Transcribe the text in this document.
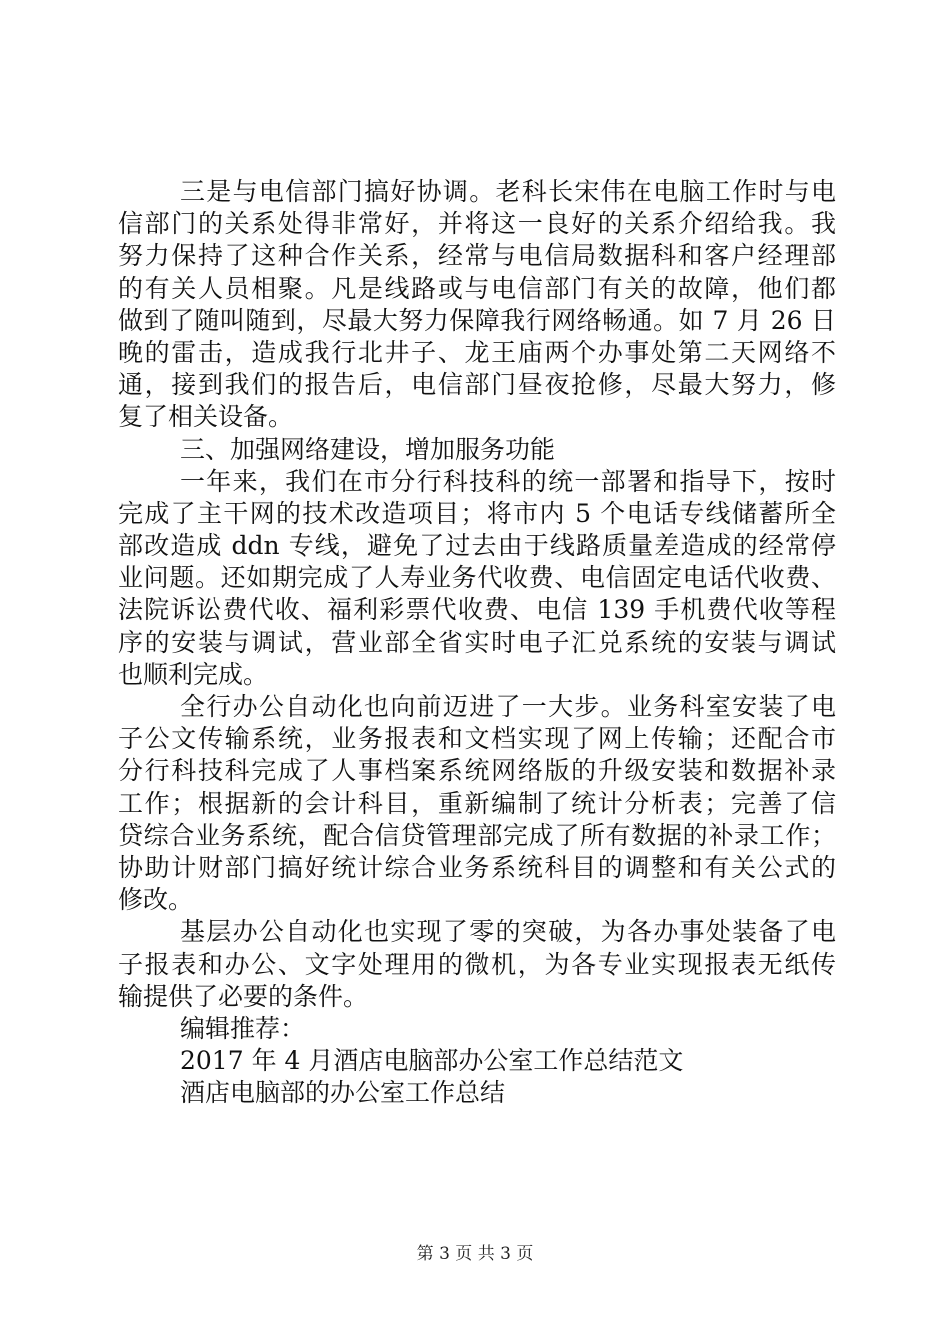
三是与电信部门搞好协调。老科长宋伟在电脑工作时与电
信部门的关系处得非常好，并将这一良好的关系介绍给我。我
努力保持了这种合作关系，经常与电信局数据科和客户经理部
的有关人员相聚。凡是线路或与电信部门有关的故障，他们都
做到了随叫随到，尽最大努力保障我行网络畅通。如 7 月 26 日
晚的雷击，造成我行北井子、龙王庙两个办事处第二天网络不
通，接到我们的报告后，电信部门昼夜抢修，尽最大努力，修
复了相关设备。
三、加强网络建设，增加服务功能
一年来，我们在市分行科技科的统一部署和指导下，按时
完成了主干网的技术改造项目；将市内 5 个电话专线储蓄所全
部改造成 ddn 专线，避免了过去由于线路质量差造成的经常停
业问题。还如期完成了人寿业务代收费、电信固定电话代收费、
法院诉讼费代收、福利彩票代收费、电信 139 手机费代收等程
序的安装与调试，营业部全省实时电子汇兑系统的安装与调试
也顺利完成。
全行办公自动化也向前迈进了一大步。业务科室安装了电
子公文传输系统，业务报表和文档实现了网上传输；还配合市
分行科技科完成了人事档案系统网络版的升级安装和数据补录
工作；根据新的会计科目，重新编制了统计分析表；完善了信
贷综合业务系统，配合信贷管理部完成了所有数据的补录工作；
协助计财部门搞好统计综合业务系统科目的调整和有关公式的
修改。
基层办公自动化也实现了零的突破，为各办事处装备了电
子报表和办公、文字处理用的微机，为各专业实现报表无纸传
输提供了必要的条件。
编辑推荐：
2017 年 4 月酒店电脑部办公室工作总结范文
酒店电脑部的办公室工作总结
第 3 页 共 3 页
